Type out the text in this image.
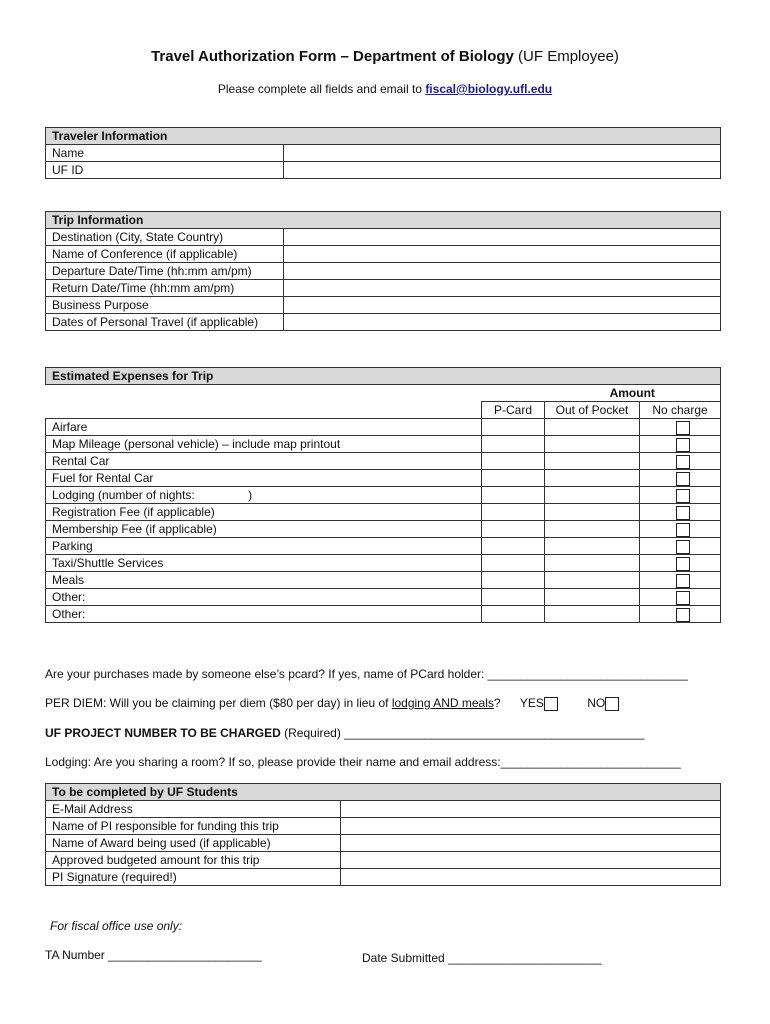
Travel Authorization Form – Department of Biology (UF Employee)
Please complete all fields and email to fiscal@biology.ufl.edu
Traveler Information	
Name	
UF ID	
Trip Information	
Destination (City, State Country)	
Name of Conference (if applicable)	
Departure Date/Time (hh:mm am/pm)	
Return Date/Time (hh:mm am/pm)	
Business Purpose	
Dates of Personal Travel (if applicable)	
Estimated Expenses for Trip			
		Amount	
	P-Card	Out of Pocket	No charge
Airfare			
Map Mileage (personal vehicle) – include map printout			
Rental Car			
Fuel for Rental Car			
Lodging (number of nights:                )			
Registration Fee (if applicable)			
Membership Fee (if applicable)			
Parking			
Taxi/Shuttle Services			
Meals			
Other:			
Other:			
Are your purchases made by someone else’s pcard? If yes, name of PCard holder: ______________________________
PER DIEM: Will you be claiming per diem ($80 per day) in lieu of lodging AND meals? YES	NO
UF PROJECT NUMBER TO BE CHARGED (Required) _____________________________________________
Lodging: Are you sharing a room? If so, please provide their name and email address:___________________________
To be completed by UF Students	
E-Mail Address	
Name of PI responsible for funding this trip	
Name of Award being used (if applicable)	
Approved budgeted amount for this trip	
PI Signature (required!)	
For fiscal office use only:
TA Number _______________________	Date Submitted _______________________
